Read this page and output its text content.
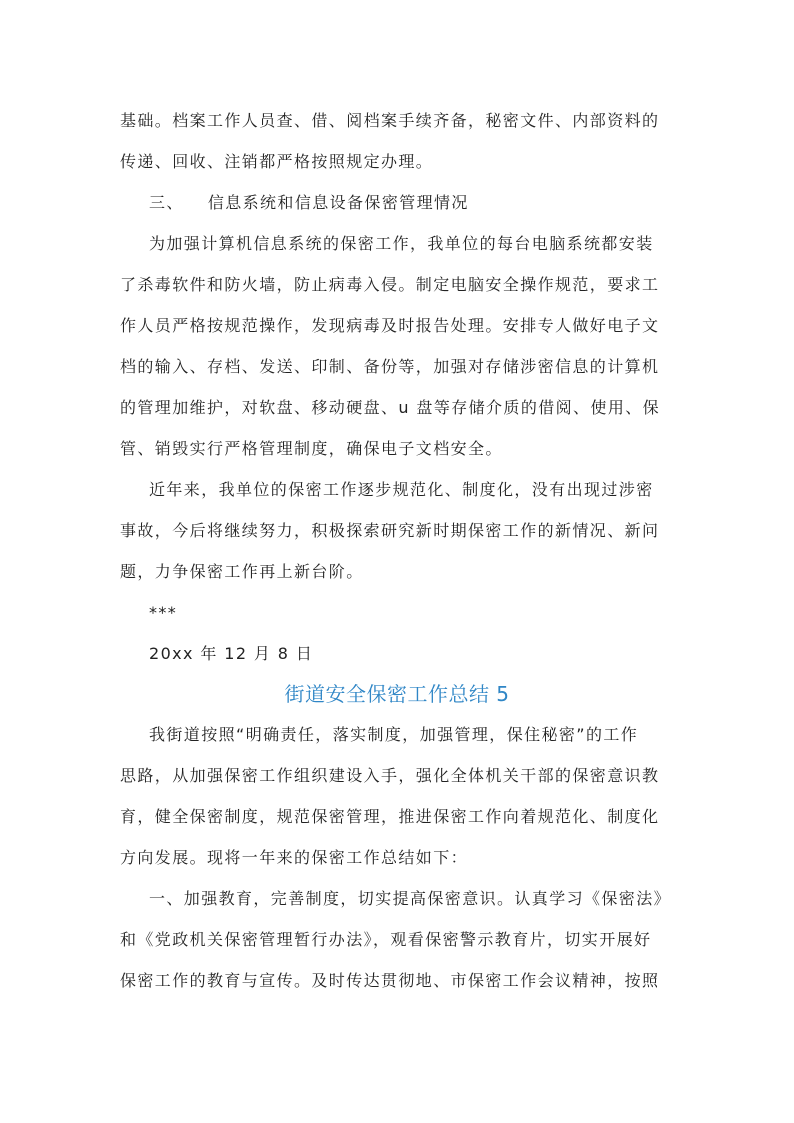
基础。档案工作人员查、借、阅档案手续齐备，秘密文件、内部资料的
传递、回收、注销都严格按照规定办理。
三、 信息系统和信息设备保密管理情况
为加强计算机信息系统的保密工作，我单位的每台电脑系统都安装
了杀毒软件和防火墙，防止病毒入侵。制定电脑安全操作规范，要求工
作人员严格按规范操作，发现病毒及时报告处理。安排专人做好电子文
档的输入、存档、发送、印制、备份等，加强对存储涉密信息的计算机
的管理加维护，对软盘、移动硬盘、u 盘等存储介质的借阅、使用、保
管、销毁实行严格管理制度，确保电子文档安全。
近年来，我单位的保密工作逐步规范化、制度化，没有出现过涉密
事故，今后将继续努力，积极探索研究新时期保密工作的新情况、新问
题，力争保密工作再上新台阶。
***
20xx 年 12 月 8 日
街道安全保密工作总结 5
我街道按照“明确责任，落实制度，加强管理，保住秘密”的工作
思路，从加强保密工作组织建设入手，强化全体机关干部的保密意识教
育，健全保密制度，规范保密管理，推进保密工作向着规范化、制度化
方向发展。现将一年来的保密工作总结如下：
一、加强教育，完善制度，切实提高保密意识。认真学习《保密法》
和《党政机关保密管理暂行办法》，观看保密警示教育片，切实开展好
保密工作的教育与宣传。及时传达贯彻地、市保密工作会议精神，按照
